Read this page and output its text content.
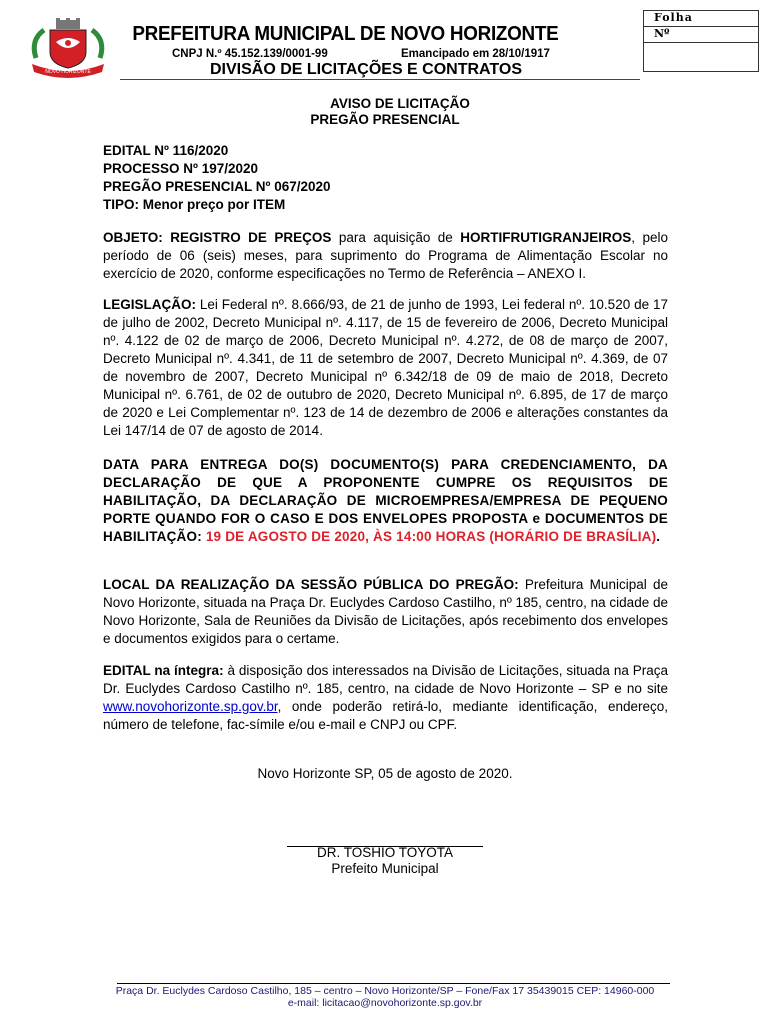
NOVO HORIZONTE
PREFEITURA MUNICIPAL DE NOVO HORIZONTE
CNPJ N.º 45.152.139/0001-99	Emancipado em 28/10/1917
DIVISÃO DE LICITAÇÕES E CONTRATOS
Folha
Nº
AVISO DE LICITAÇÃO
PREGÃO PRESENCIAL
EDITAL Nº 116/2020
PROCESSO Nº 197/2020
PREGÃO PRESENCIAL Nº 067/2020
TIPO: Menor preço por ITEM

OBJETO: REGISTRO DE PREÇOS para aquisição de HORTIFRUTIGRANJEIROS, pelo período de 06 (seis) meses, para suprimento do Programa de Alimentação Escolar no exercício de 2020, conforme especificações no Termo de Referência – ANEXO I.

LEGISLAÇÃO: Lei Federal nº. 8.666/93, de 21 de junho de 1993, Lei federal nº. 10.520 de 17 de julho de 2002, Decreto Municipal nº. 4.117, de 15 de fevereiro de 2006, Decreto Municipal nº. 4.122 de 02 de março de 2006, Decreto Municipal nº. 4.272, de 08 de março de 2007, Decreto Municipal nº. 4.341, de 11 de setembro de 2007, Decreto Municipal nº. 4.369, de 07 de novembro de 2007, Decreto Municipal nº 6.342/18 de 09 de maio de 2018, Decreto Municipal nº. 6.761, de 02 de outubro de 2020, Decreto Municipal nº. 6.895, de 17 de março de 2020 e Lei Complementar nº. 123 de 14 de dezembro de 2006 e alterações constantes da Lei 147/14 de 07 de agosto de 2014.

DATA PARA ENTREGA DO(S) DOCUMENTO(S) PARA CREDENCIAMENTO, DA DECLARAÇÃO DE QUE A PROPONENTE CUMPRE OS REQUISITOS DE HABILITAÇÃO, DA DECLARAÇÃO DE MICROEMPRESA/EMPRESA DE PEQUENO PORTE QUANDO FOR O CASO E DOS ENVELOPES PROPOSTA e DOCUMENTOS DE HABILITAÇÃO: 19 DE AGOSTO DE 2020, ÀS 14:00 HORAS (HORÁRIO DE BRASÍLIA).

LOCAL DA REALIZAÇÃO DA SESSÃO PÚBLICA DO PREGÃO: Prefeitura Municipal de Novo Horizonte, situada na Praça Dr. Euclydes Cardoso Castilho, nº 185, centro, na cidade de Novo Horizonte, Sala de Reuniões da Divisão de Licitações, após recebimento dos envelopes e documentos exigidos para o certame.

EDITAL na íntegra: à disposição dos interessados na Divisão de Licitações, situada na Praça Dr. Euclydes Cardoso Castilho nº. 185, centro, na cidade de Novo Horizonte – SP e no site www.novohorizonte.sp.gov.br, onde poderão retirá-lo, mediante identificação, endereço, número de telefone, fac-símile e/ou e-mail e CNPJ ou CPF.

Novo Horizonte SP, 05 de agosto de 2020.
DR. TOSHIO TOYOTA
Prefeito Municipal
Praça Dr. Euclydes Cardoso Castilho, 185 – centro – Novo Horizonte/SP – Fone/Fax 17 35439015 CEP: 14960-000
e-mail: licitacao@novohorizonte.sp.gov.br
